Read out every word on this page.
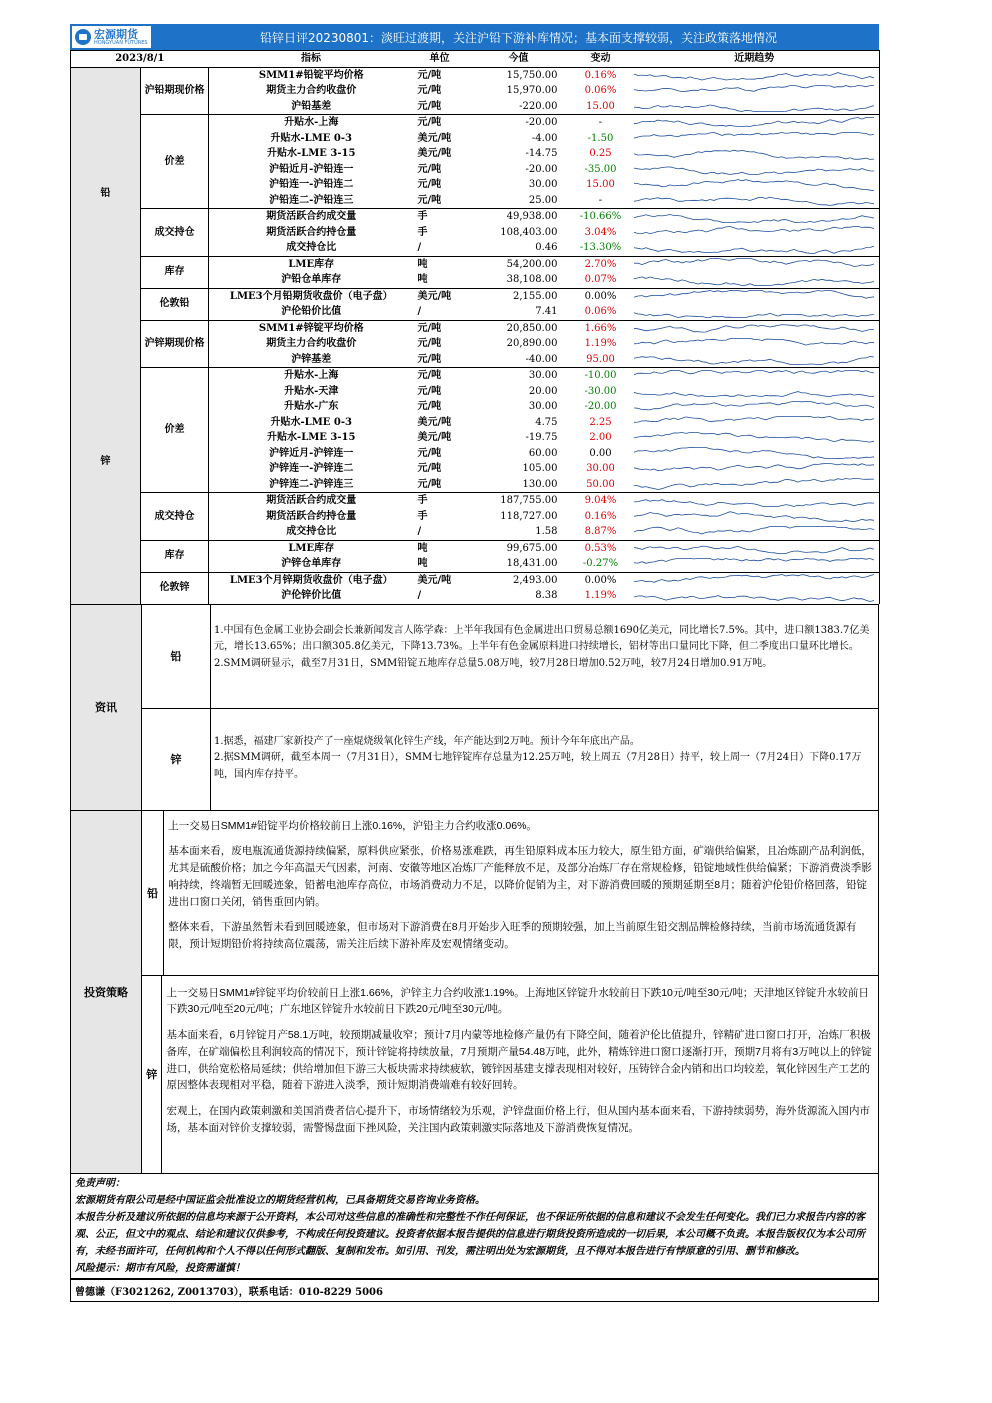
宏源期货
HONGYUAN FUTURES	铅锌日评20230801：淡旺过渡期，关注沪铅下游补库情况；基本面支撑较弱，关注政策落地情况
2023/8/1		指标	单位	今值	变动	近期趋势
铅	沪铅期现价格	SMM1#铅锭平均价格	元/吨	15,750.00	0.16%	

		期货主力合约收盘价	元/吨	15,970.00	0.06%	

		沪铅基差	元/吨	-220.00	15.00	

	价差	升贴水-上海	元/吨	-20.00	-	

		升贴水-LME 0-3	美元/吨	-4.00	-1.50	

		升贴水-LME 3-15	美元/吨	-14.75	0.25	

		沪铅近月-沪铅连一	元/吨	-20.00	-35.00	

		沪铅连一-沪铅连二	元/吨	30.00	15.00	

		沪铅连二-沪铅连三	元/吨	25.00	-	

	成交持仓	期货活跃合约成交量	手	49,938.00	-10.66%	

		期货活跃合约持仓量	手	108,403.00	3.04%	

		成交持仓比	/	0.46	-13.30%	

	库存	LME库存	吨	54,200.00	2.70%	

		沪铅仓单库存	吨	38,108.00	0.07%	

	伦敦铅	LME3个月铅期货收盘价（电子盘）	美元/吨	2,155.00	0.00%	

		沪伦铅价比值	/	7.41	0.06%	

锌	沪锌期现价格	SMM1#锌锭平均价格	元/吨	20,850.00	1.66%	

		期货主力合约收盘价	元/吨	20,890.00	1.19%	

		沪锌基差	元/吨	-40.00	95.00	

	价差	升贴水-上海	元/吨	30.00	-10.00	

		升贴水-天津	元/吨	20.00	-30.00	

		升贴水-广东	元/吨	30.00	-20.00	

		升贴水-LME 0-3	美元/吨	4.75	2.25	

		升贴水-LME 3-15	美元/吨	-19.75	2.00	

		沪锌近月-沪锌连一	元/吨	60.00	0.00	

		沪锌连一-沪锌连二	元/吨	105.00	30.00	

		沪锌连二-沪锌连三	元/吨	130.00	50.00	

	成交持仓	期货活跃合约成交量	手	187,755.00	9.04%	

		期货活跃合约持仓量	手	118,727.00	0.16%	

		成交持仓比	/	1.58	8.87%	

	库存	LME库存	吨	99,675.00	0.53%	

		沪锌仓单库存	吨	18,431.00	-0.27%	

	伦敦锌	LME3个月锌期货收盘价（电子盘）	美元/吨	2,493.00	0.00%	

		沪伦锌价比值	/	8.38	1.19%	
资讯
铅

1.中国有色金属工业协会副会长兼新闻发言人陈学森：上半年我国有色金属进出口贸易总额1690亿美元，同比增长7.5%。其中，进口额1383.7亿美元，增长13.65%；出口额305.8亿美元，下降13.73%。上半年有色金属原料进口持续增长，铝材等出口量同比下降，但二季度出口量环比增长。

2.SMM调研显示，截至7月31日，SMM铅锭五地库存总量5.08万吨，较7月28日增加0.52万吨，较7月24日增加0.91万吨。

锌

1.据悉，福建厂家新投产了一座焜烧级氧化锌生产线，年产能达到2万吨。预计今年年底出产品。

2.据SMM调研，截至本周一（7月31日），SMM七地锌锭库存总量为12.25万吨，较上周五（7月28日）持平，较上周一（7月24日）下降0.17万吨，国内库存持平。

投资策略
铅

上一交易日SMM1#铅锭平均价格较前日上涨0.16%，沪铅主力合约收涨0.06%。

基本面来看，废电瓶流通货源持续偏紧，原料供应紧张，价格易涨难跌，再生铅原料成本压力较大，原生铅方面，矿端供给偏紧，且冶炼副产品利润低，尤其是硫酸价格；加之今年高温天气因素，河南、安徽等地区冶炼厂产能释放不足，及部分冶炼厂存在常规检修，铅锭地域性供给偏紧；下游消费淡季影响持续，终端暂无回暖迹象，铅蓄电池库存高位，市场消费动力不足，以降价促销为主，对下游消费回暖的预期延期至8月；随着沪伦铅价格回落，铅锭进出口窗口关闭，销售重回内销。

整体来看，下游虽然暂未看到回暖迹象，但市场对下游消费在8月开始步入旺季的预期较强，加上当前原生铅交割品牌检修持续，当前市场流通货源有限，预计短期铅价将持续高位震荡，需关注后续下游补库及宏观情绪变动。

锌

上一交易日SMM1#锌锭平均价较前日上涨1.66%，沪锌主力合约收涨1.19%。上海地区锌锭升水较前日下跌10元/吨至30元/吨；天津地区锌锭升水较前日下跌30元/吨至20元/吨；广东地区锌锭升水较前日下跌20元/吨至30元/吨。

基本面来看，6月锌锭月产58.1万吨，较预期减量收窄；预计7月内蒙等地检修产量仍有下降空间，随着沪伦比值提升，锌精矿进口窗口打开，冶炼厂积极备库，在矿端偏松且利润较高的情况下，预计锌锭将持续放量，7月预期产量54.48万吨，此外，精炼锌进口窗口逐渐打开，预期7月将有3万吨以上的锌锭进口，供给宽松格局延续；供给增加但下游三大板块需求持续疲软，镀锌因基建支撑表现相对较好，压铸锌合金内销和出口均较差，氧化锌因生产工艺的原因整体表现相对平稳，随着下游进入淡季，预计短期消费端难有较好回转。

宏观上，在国内政策刺激和美国消费者信心提升下，市场情绪较为乐观，沪锌盘面价格上行，但从国内基本面来看，下游持续弱势，海外货源流入国内市场，基本面对锌价支撑较弱，需警惕盘面下挫风险，关注国内政策刺激实际落地及下游消费恢复情况。

免责声明：

宏源期货有限公司是经中国证监会批准设立的期货经营机构，已具备期货交易咨询业务资格。

本报告分析及建议所依据的信息均来源于公开资料，本公司对这些信息的准确性和完整性不作任何保证，也不保证所依据的信息和建议不会发生任何变化。我们已力求报告内容的客观、公正，但文中的观点、结论和建议仅供参考，不构成任何投资建议。投资者依据本报告提供的信息进行期货投资所造成的一切后果，本公司概不负责。本报告版权仅为本公司所有，未经书面许可，任何机构和个人不得以任何形式翻版、复制和发布。如引用、刊发，需注明出处为宏源期货，且不得对本报告进行有悖原意的引用、删节和修改。

风险提示：期市有风险，投资需谨慎！

曾德谦（F3021262, Z0013703），联系电话：010-8229 5006
